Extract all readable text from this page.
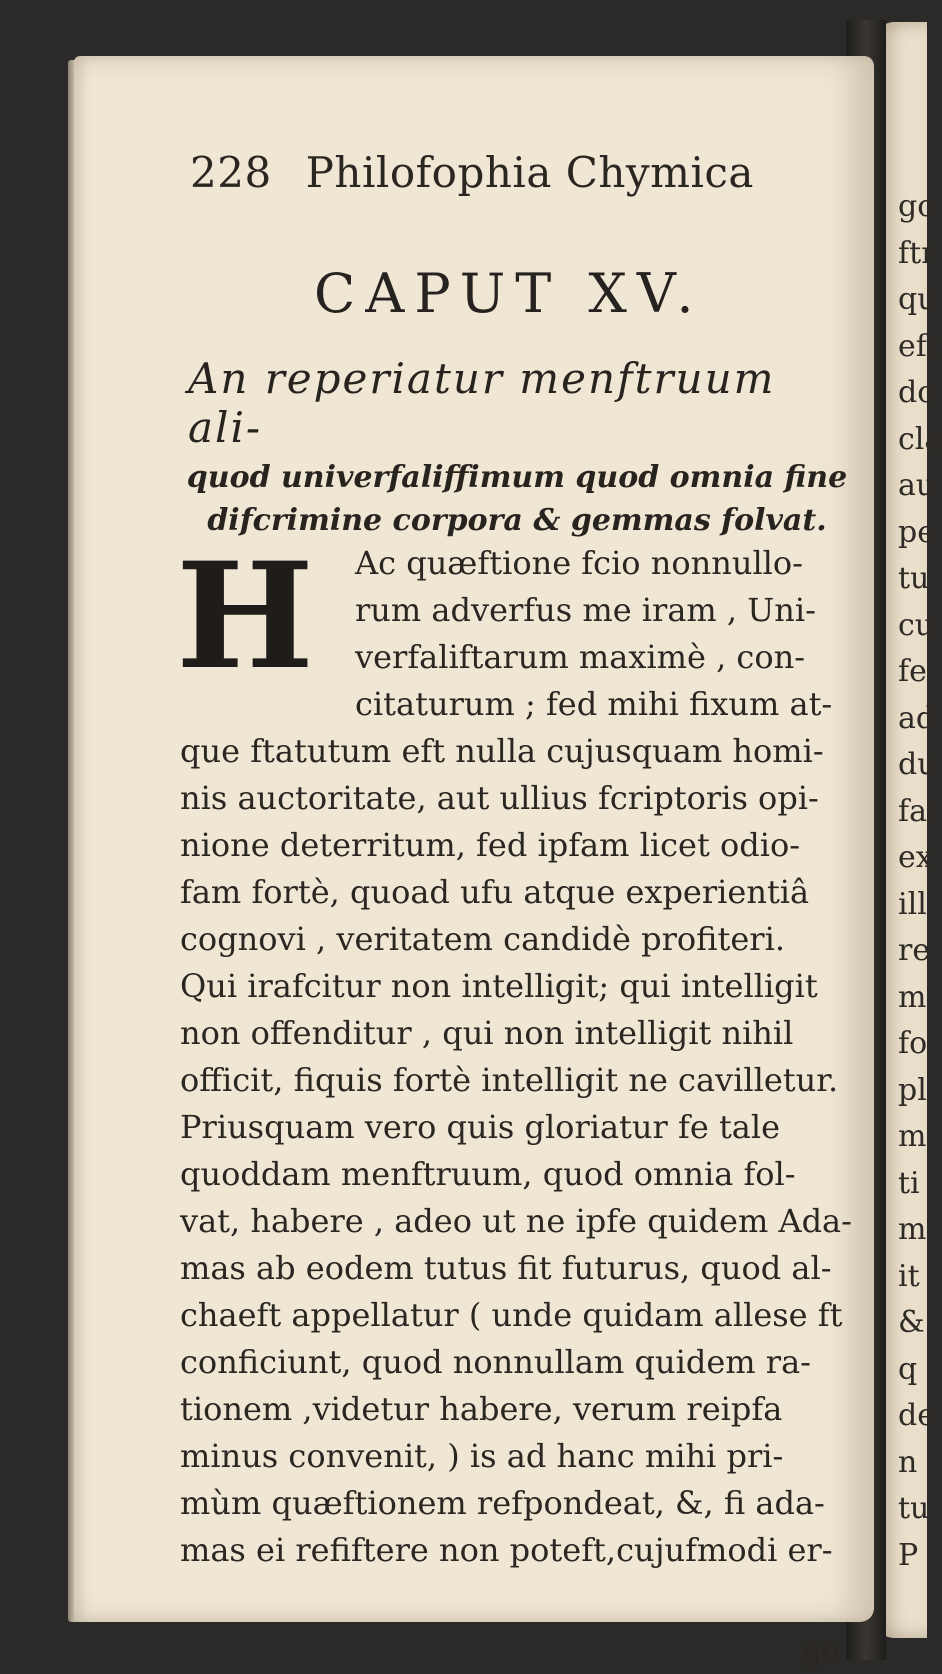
go
ftr
qu
eft
do
cla
au
pe
tu
cu
fe
ad
du
fai
ex
ill
re
m
fo
pl
m
ti
m
it
&
q
de
n
tu
P
228 Philofophia Chymica
CAPUT XV.
An reperiatur menftruum ali-
quod univerfaliffimum quod omnia fine
difcrimine corpora & gemmas folvat.
H	Ac quæftione fcio nonnullo-
rum adverfus me iram , Uni-
verfaliftarum maximè , con-
citaturum ; fed mihi fixum at-
que ftatutum eft nulla cujusquam homi-
nis auctoritate, aut ullius fcriptoris opi-
nione deterritum, fed ipfam licet odio-
fam fortè, quoad ufu atque experientiâ
cognovi , veritatem candidè profiteri.
Qui irafcitur non intelligit; qui intelligit
non offenditur , qui non intelligit nihil
officit, fiquis fortè intelligit ne cavilletur.
Priusquam vero quis gloriatur fe tale
quoddam menftruum, quod omnia fol-
vat, habere , adeo ut ne ipfe quidem Ada-
mas ab eodem tutus fit futurus, quod al-
chaeft appellatur ( unde quidam allese ft
conficiunt, quod nonnullam quidem ra-
tionem ,videtur habere, verum reipfa
minus convenit, ) is ad hanc mihi pri-
mùm quæftionem refpondeat, &, fi ada-
mas ei refiftere non poteft,cujufmodi er-
go
